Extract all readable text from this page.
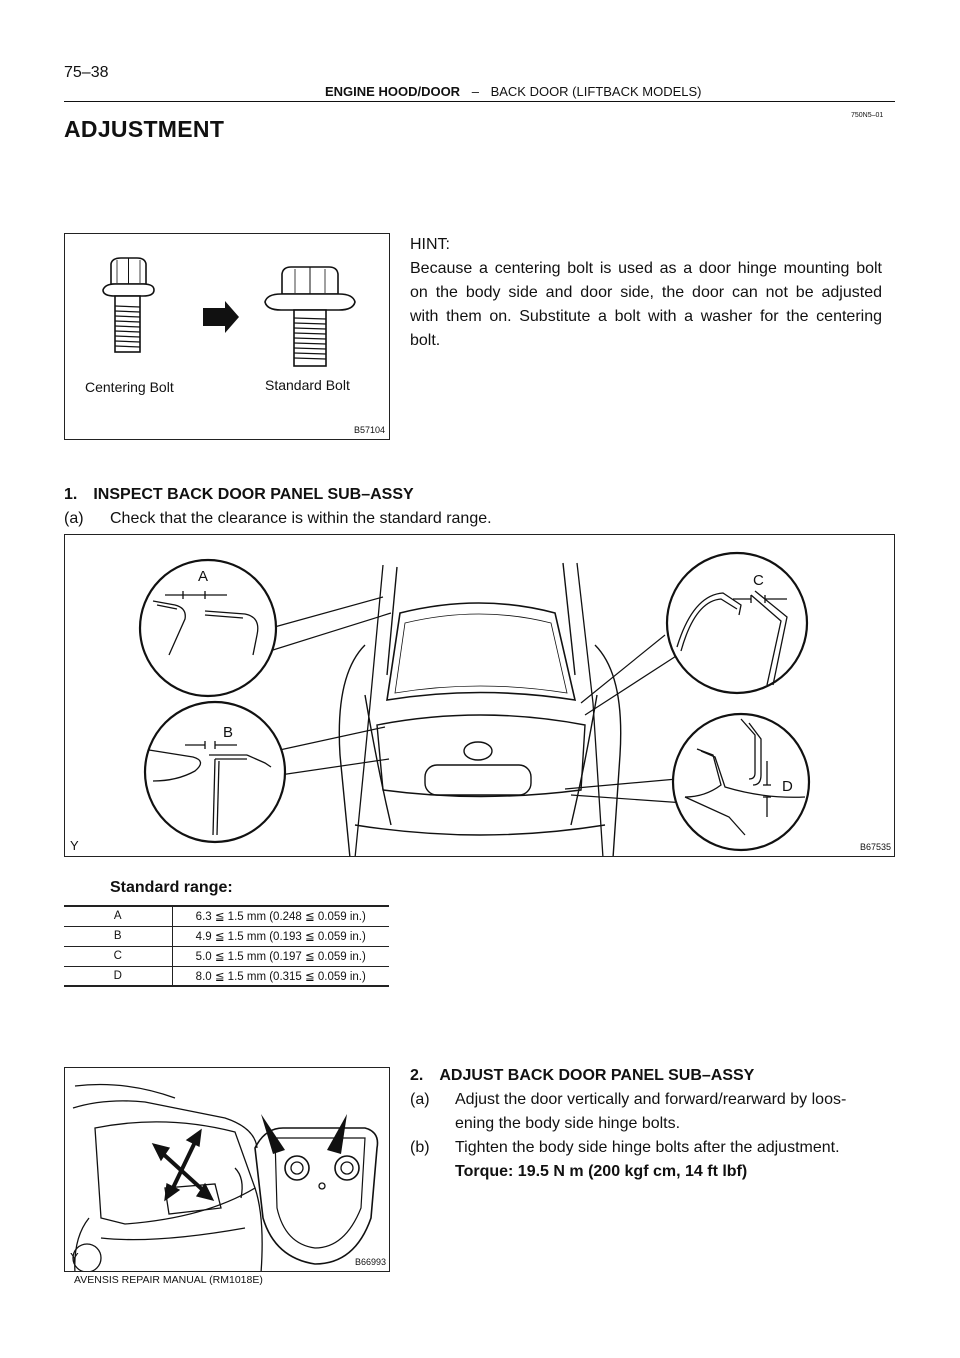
75–38
ENGINE HOOD/DOOR – BACK DOOR (LIFTBACK MODELS)
750N5–01
ADJUSTMENT
Centering Bolt	Standard Bolt
B57104
HINT:
Because a centering bolt is used as a door hinge mounting bolt
on the body side and door side, the door can not be adjusted
with them on. Substitute a bolt with a washer for the centering
bolt.
1. INSPECT BACK DOOR PANEL SUB–ASSY
(a) Check that the clearance is within the standard range.
A
B
C
D
Y	B67535
Standard range:
A	6.3 ≦ 1.5 mm (0.248 ≦ 0.059 in.)
B	4.9 ≦ 1.5 mm (0.193 ≦ 0.059 in.)
C	5.0 ≦ 1.5 mm (0.197 ≦ 0.059 in.)
D	8.0 ≦ 1.5 mm (0.315 ≦ 0.059 in.)
Y	B66993
2. ADJUST BACK DOOR PANEL SUB–ASSY
(a) Adjust the door vertically and forward/rearward by loos-
ening the body side hinge bolts.
(b) Tighten the body side hinge bolts after the adjustment.
Torque: 19.5 N m (200 kgf cm, 14 ft lbf)
AVENSIS REPAIR MANUAL (RM1018E)
